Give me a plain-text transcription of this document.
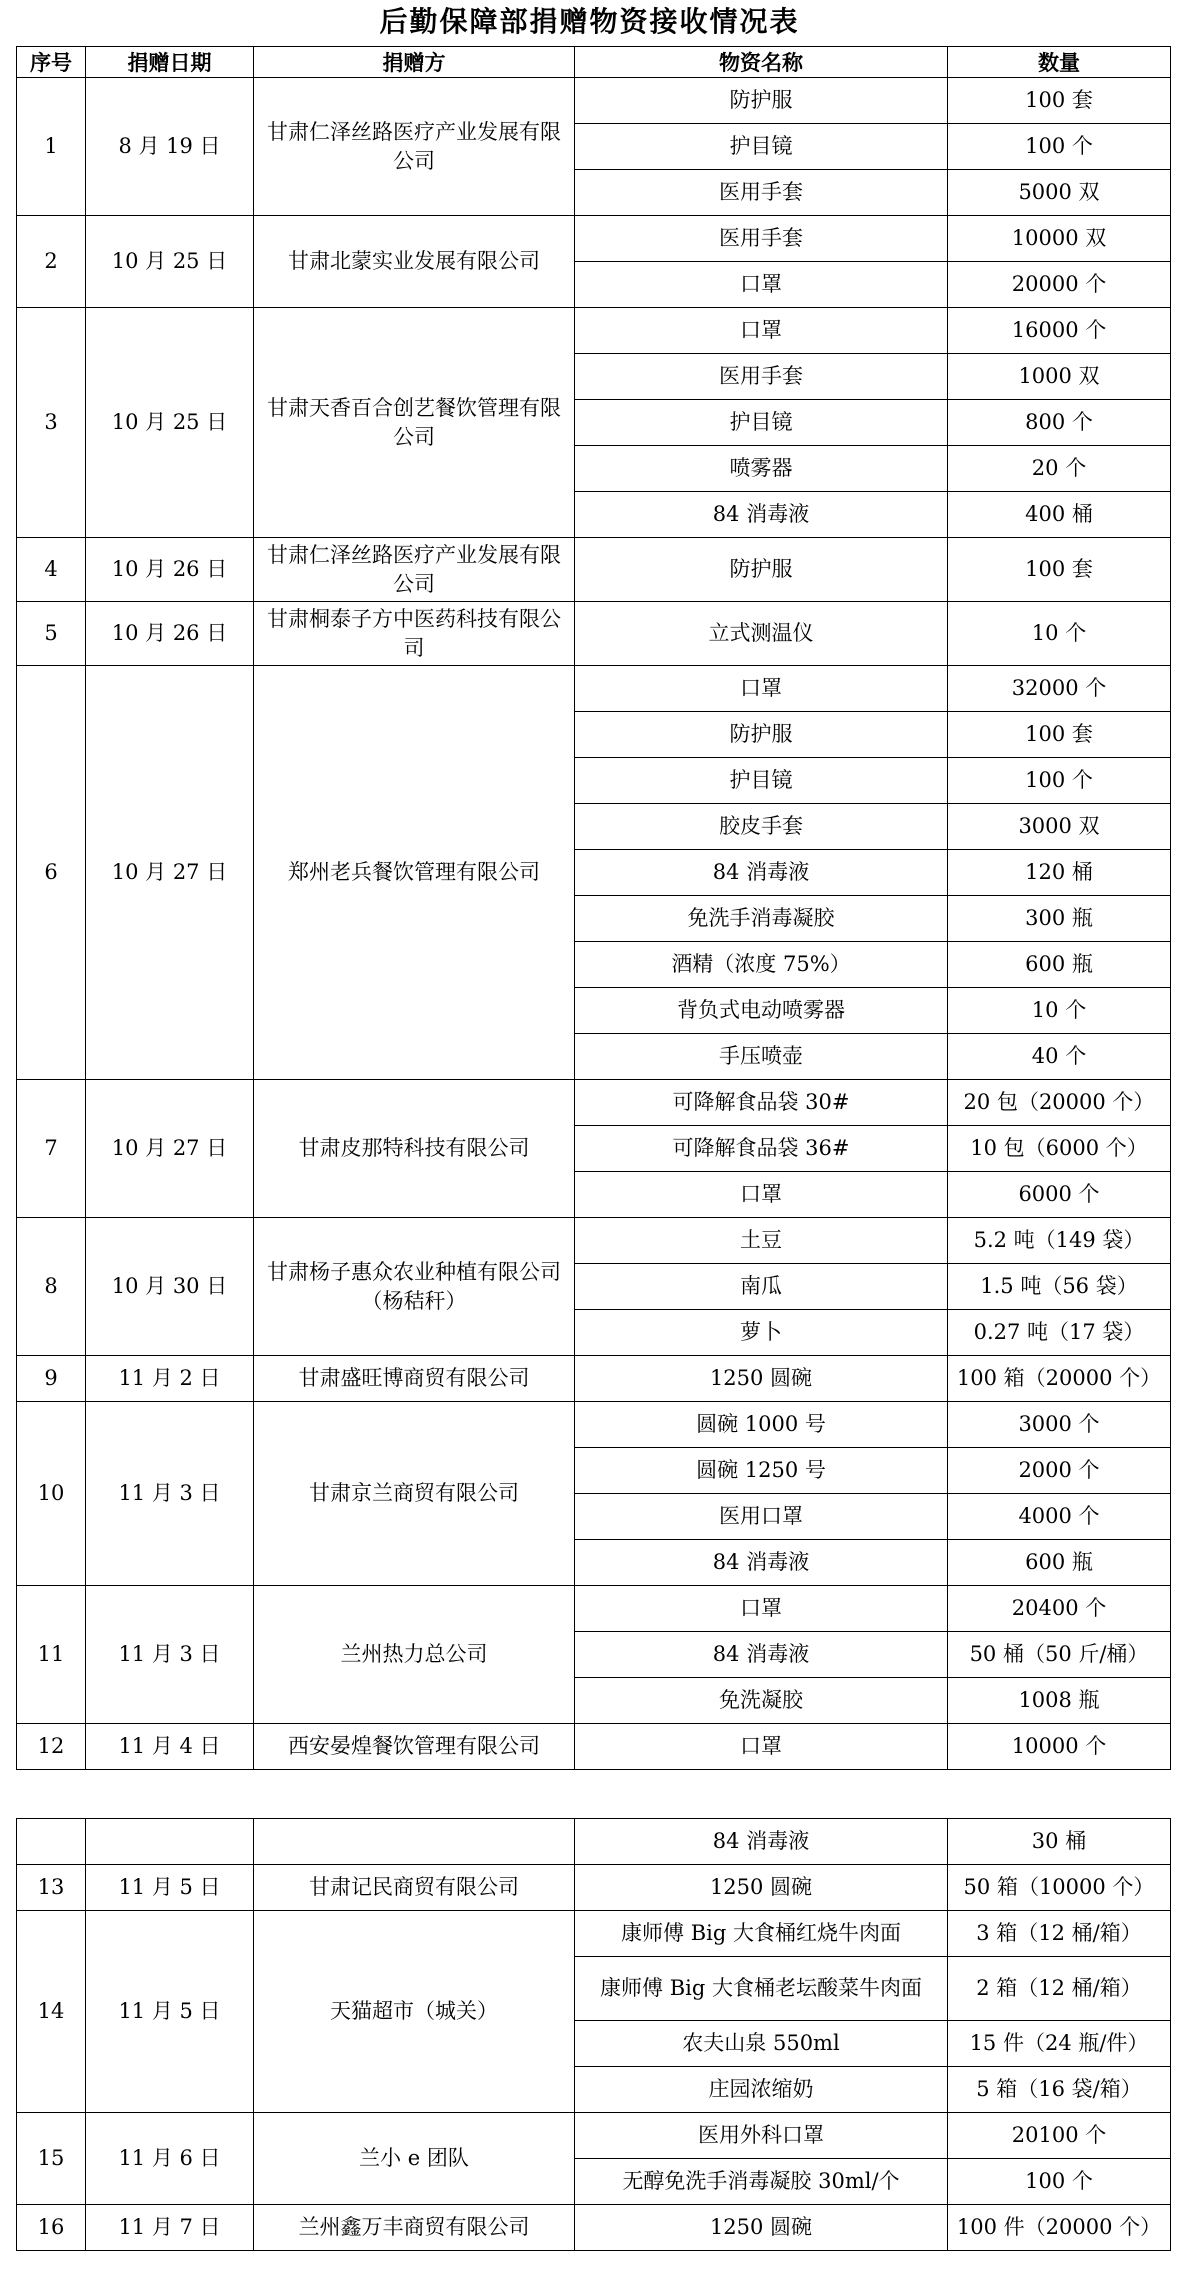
后勤保障部捐赠物资接收情况表
序号	捐赠日期	捐赠方	物资名称	数量
1	8 月 19 日	甘肃仁泽丝路医疗产业发展有限公司	防护服	100 套
			护目镜	100 个
			医用手套	5000 双
2	10 月 25 日	甘肃北蒙实业发展有限公司	医用手套	10000 双
			口罩	20000 个
3	10 月 25 日	甘肃天香百合创艺餐饮管理有限公司	口罩	16000 个
			医用手套	1000 双
			护目镜	800 个
			喷雾器	20 个
			84 消毒液	400 桶
4	10 月 26 日	甘肃仁泽丝路医疗产业发展有限公司	防护服	100 套
5	10 月 26 日	甘肃桐泰子方中医药科技有限公司	立式测温仪	10 个
6	10 月 27 日	郑州老兵餐饮管理有限公司	口罩	32000 个
			防护服	100 套
			护目镜	100 个
			胶皮手套	3000 双
			84 消毒液	120 桶
			免洗手消毒凝胶	300 瓶
			酒精（浓度 75%）	600 瓶
			背负式电动喷雾器	10 个
			手压喷壶	40 个
7	10 月 27 日	甘肃皮那特科技有限公司	可降解食品袋 30#	20 包（20000 个）
			可降解食品袋 36#	10 包（6000 个）
			口罩	6000 个
8	10 月 30 日	甘肃杨子惠众农业种植有限公司（杨秸秆）	土豆	5.2 吨（149 袋）
			南瓜	1.5 吨（56 袋）
			萝卜	0.27 吨（17 袋）
9	11 月 2 日	甘肃盛旺博商贸有限公司	1250 圆碗	100 箱（20000 个）
10	11 月 3 日	甘肃京兰商贸有限公司	圆碗 1000 号	3000 个
			圆碗 1250 号	2000 个
			医用口罩	4000 个
			84 消毒液	600 瓶
11	11 月 3 日	兰州热力总公司	口罩	20400 个
			84 消毒液	50 桶（50 斤/桶）
			免洗凝胶	1008 瓶
12	11 月 4 日	西安晏煌餐饮管理有限公司	口罩	10000 个
			84 消毒液	30 桶
13	11 月 5 日	甘肃记民商贸有限公司	1250 圆碗	50 箱（10000 个）
14	11 月 5 日	天猫超市（城关）	康师傅 Big 大食桶红烧牛肉面	3 箱（12 桶/箱）
			康师傅 Big 大食桶老坛酸菜牛肉面	2 箱（12 桶/箱）
			农夫山泉 550ml	15 件（24 瓶/件）
			庄园浓缩奶	5 箱（16 袋/箱）
15	11 月 6 日	兰小 e 团队	医用外科口罩	20100 个
			无醇免洗手消毒凝胶 30ml/个	100 个
16	11 月 7 日	兰州鑫万丰商贸有限公司	1250 圆碗	100 件（20000 个）
